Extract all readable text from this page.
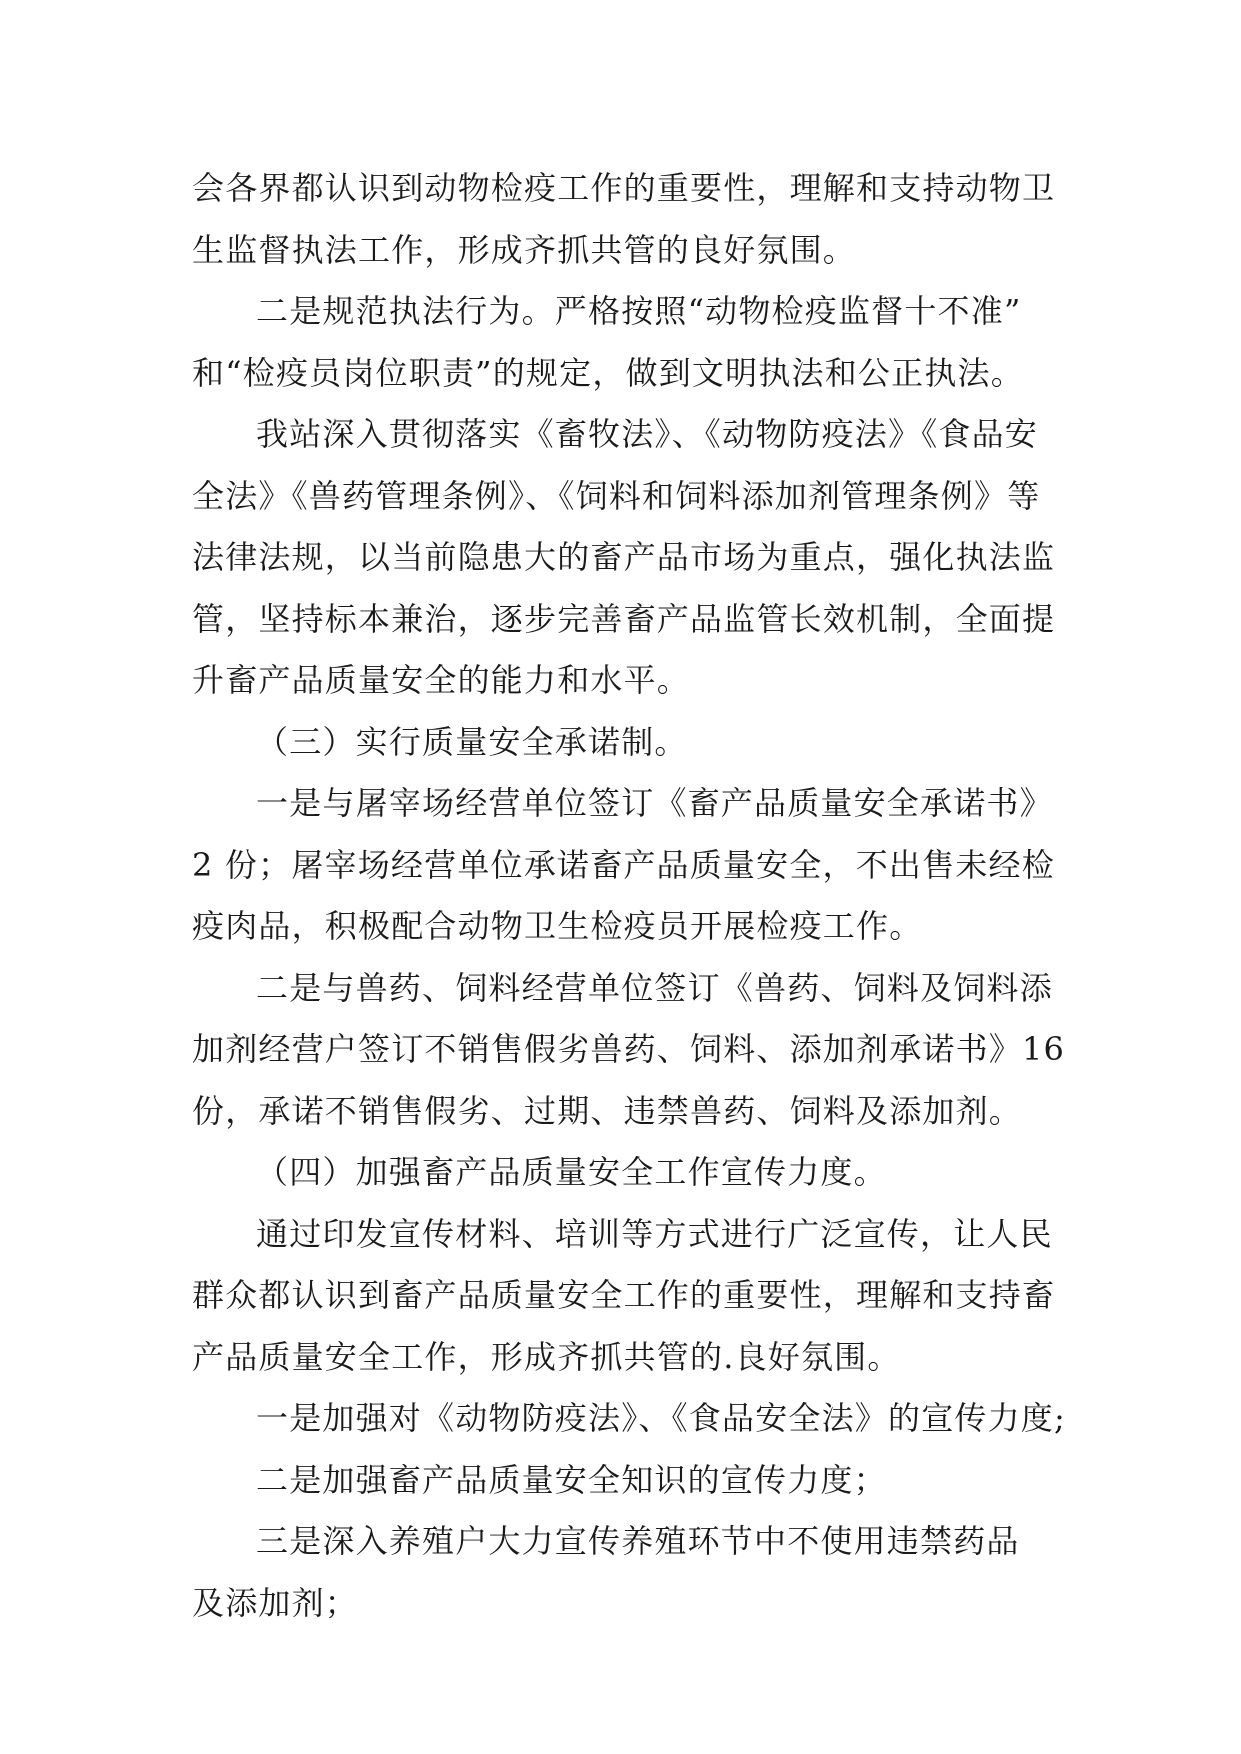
会各界都认识到动物检疫工作的重要性，理解和支持动物卫
生监督执法工作，形成齐抓共管的良好氛围。
二是规范执法行为。严格按照“动物检疫监督十不准”
和“检疫员岗位职责”的规定，做到文明执法和公正执法。
我站深入贯彻落实《畜牧法》、《动物防疫法》《食品安
全法》《兽药管理条例》、《饲料和饲料添加剂管理条例》等
法律法规，以当前隐患大的畜产品市场为重点，强化执法监
管，坚持标本兼治，逐步完善畜产品监管长效机制，全面提
升畜产品质量安全的能力和水平。
（三）实行质量安全承诺制。
一是与屠宰场经营单位签订《畜产品质量安全承诺书》
2 份；屠宰场经营单位承诺畜产品质量安全，不出售未经检
疫肉品，积极配合动物卫生检疫员开展检疫工作。
二是与兽药、饲料经营单位签订《兽药、饲料及饲料添
加剂经营户签订不销售假劣兽药、饲料、添加剂承诺书》16
份，承诺不销售假劣、过期、违禁兽药、饲料及添加剂。
（四）加强畜产品质量安全工作宣传力度。
通过印发宣传材料、培训等方式进行广泛宣传，让人民
群众都认识到畜产品质量安全工作的重要性，理解和支持畜
产品质量安全工作，形成齐抓共管的.良好氛围。
一是加强对《动物防疫法》、《食品安全法》的宣传力度;
二是加强畜产品质量安全知识的宣传力度；
三是深入养殖户大力宣传养殖环节中不使用违禁药品
及添加剂；
